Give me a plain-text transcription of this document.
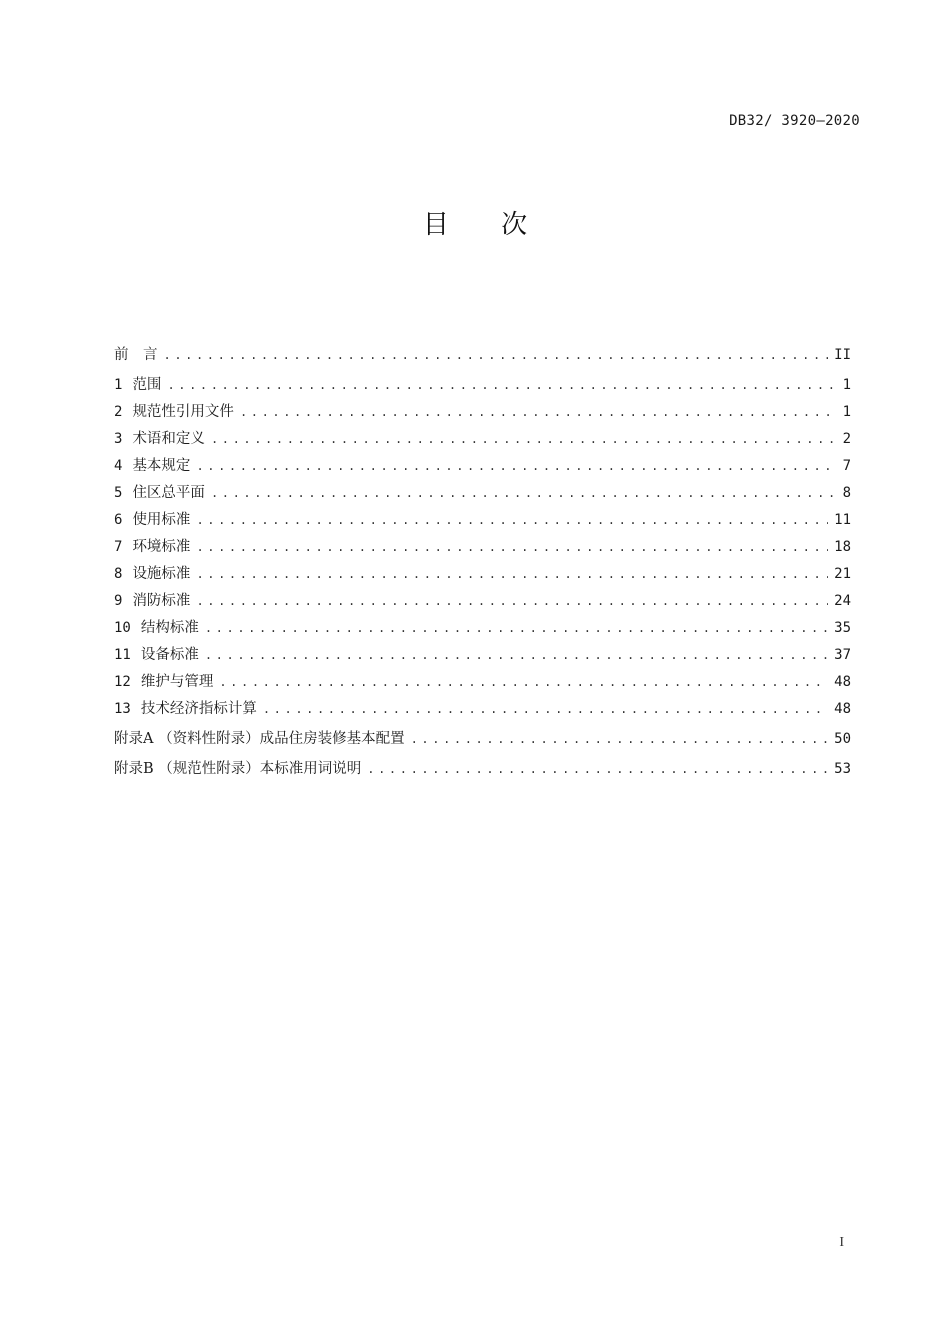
DB32/ 3920—2020
目 次
前　言 .....	II
1 范围 .....	1
2 规范性引用文件 .....	1
3 术语和定义 .....	2
4 基本规定 .....	7
5 住区总平面 .....	8
6 使用标准 .....	11
7 环境标准 .....	18
8 设施标准 .....	21
9 消防标准 .....	24
10 结构标准 .....	35
11 设备标准 .....	37
12 维护与管理 .....	48
13 技术经济指标计算 .....	48
附录A （资料性附录）成品住房装修基本配置 .....	50
附录B （规范性附录）本标准用词说明 .....	53
I
